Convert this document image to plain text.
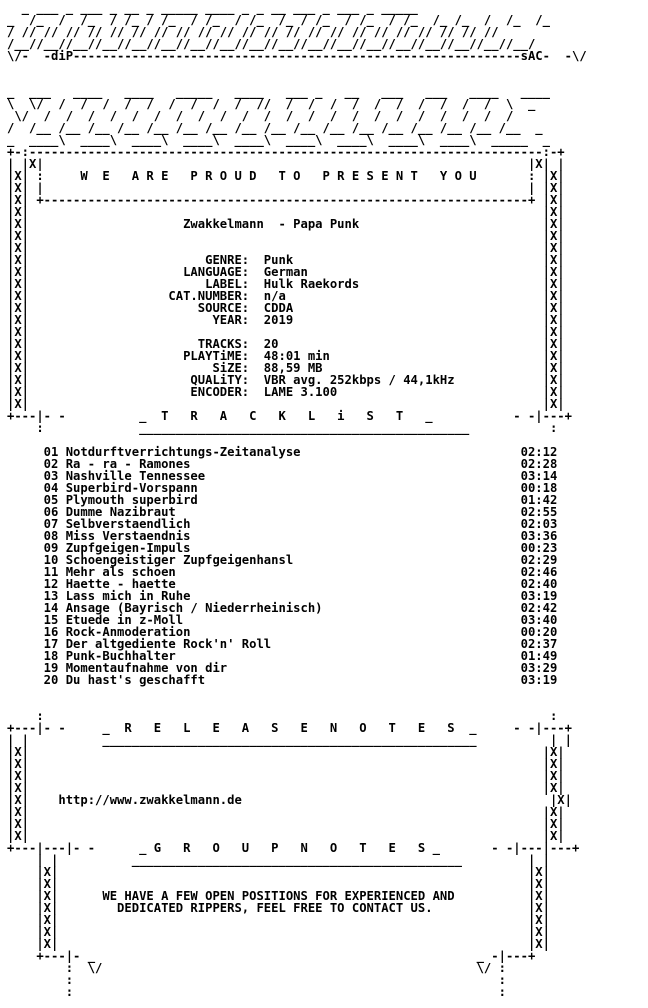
_ ___ _ ___ _ __ _ _____ ____ _ _ __ ___ _ ___ _ _____
_  /_  /  /_  / /_ / /_  / /_  / /_  /_ / /_  / /_  / /_  /_ /_  /  /_  /_
/ // // // // // // // // // // // // // // // // // // // // // //
/__//__//__//__//__//__//__//__//__//__//__//__//__//__//__//__//__//__/
\/-  -diP-------------------------------------------------------------sAC-  -\/

_  ___   ____   ____   _____   ____   ___ _   __   ___   ___   ____   ____
\  \/  /  /  /  /  /  /  /  /  /  //  /  /  /  /  /  /  /  /  /  /  \  _
\/  /  /  /  /  /  /  /  /  /  /  /  /  /  /  /  /  /  /  /  /  /  /
/  /__ /__ /__ /__ /__ /__ /__ /__ /__ /__ /__ /__ /__ /__ /__ /__ /__  _
_  ____\  ____\  ____\  ____\  ____\  ____\  ____\  ____\  ____\  _____  _
+-:----------------------------------------------------------------------:-+
| |X|                                                                  |X| |
|X| :     W  E   A R E   P R O U D   T O   P R E S E N T   Y O U       : |X|
|X| |                                                                  | |X|
|X| +------------------------------------------------------------------+ |X|
|X|                                                                      |X|
|X|                     Zwakkelmann  - Papa Punk                         |X|
|X|                                                                      |X|
|X|                                                                      |X|
|X|                        GENRE:  Punk                                  |X|
|X|                     LANGUAGE:  German                                |X|
|X|                        LABEL:  Hulk Raekords                         |X|
|X|                   CAT.NUMBER:  n/a                                   |X|
|X|                       SOURCE:  CDDA                                  |X|
|X|                         YEAR:  2019                                  |X|
|X|                                                                      |X|
|X|                       TRACKS:  20                                    |X|
|X|                     PLAYTiME:  48:01 min                             |X|
|X|                         SiZE:  88,59 MB                              |X|
|X|                      QUALiTY:  VBR avg. 252kbps / 44,1kHz            |X|
|X|                      ENCODER:  LAME 3.100                            |X|
|X|                                                                      |X|
+---|- -          _  T   R   A   C   K   L   i   S   T   _           - -|---+
:             _____________________________________________           :

01 Notdurftverrichtungs-Zeitanalyse                              02:12
02 Ra - ra - Ramones                                             02:28
03 Nashville Tennessee                                           03:14
04 Superbird-Vorspann                                            00:18
05 Plymouth superbird                                            01:42
06 Dumme Nazibraut                                               02:55
07 Selbverstaendlich                                             02:03
08 Miss Verstaendnis                                             03:36
09 Zupfgeigen-Impuls                                             00:23
10 Schoengeistiger Zupfgeigenhansl                               02:29
11 Mehr als schoen                                               02:46
12 Haette - haette                                               02:40
13 Lass mich in Ruhe                                             03:19
14 Ansage (Bayrisch / Niederrheinisch)                           02:42
15 Etuede in z-Moll                                              03:40
16 Rock-Anmoderation                                             00:20
17 Der altgediente Rock'n' Roll                                  02:37
18 Punk-Buchhalter                                               01:49
19 Momentaufnahme von dir                                        03:29
20 Du hast's geschafft                                           03:19

:                                                                     :
+---|- -     _  R   E   L   E   A   S   E   N   O   T   E   S  _     - -|---+
| |          ___________________________________________________          | |
|X|                                                                      |X|
|X|                                                                      |X|
|X|                                                                      |X|
|X|                                                                      |X|
|X|    http://www.zwakkelmann.de                                          |X|
|X|                                                                      |X|
|X|                                                                      |X|
|X|                                                                      |X|
+---|---|- -      _ G   R   O   U   P   N   O   T   E   S _       - -|---|---+
| |          _____________________________________________         | |
|X|                                                                |X|
|X|                                                                |X|
|X|      WE HAVE A FEW OPEN POSITIONS FOR EXPERIENCED AND          |X|
|X|        DEDICATED RIPPERS, FEEL FREE TO CONTACT US.             |X|
|X|                                                                |X|
|X|                                                                |X|
|X|                                                                |X|
+---|- _                                                    _ -|---+
:  \/                                                   \/ :
:                                                          :
:                                                          :
